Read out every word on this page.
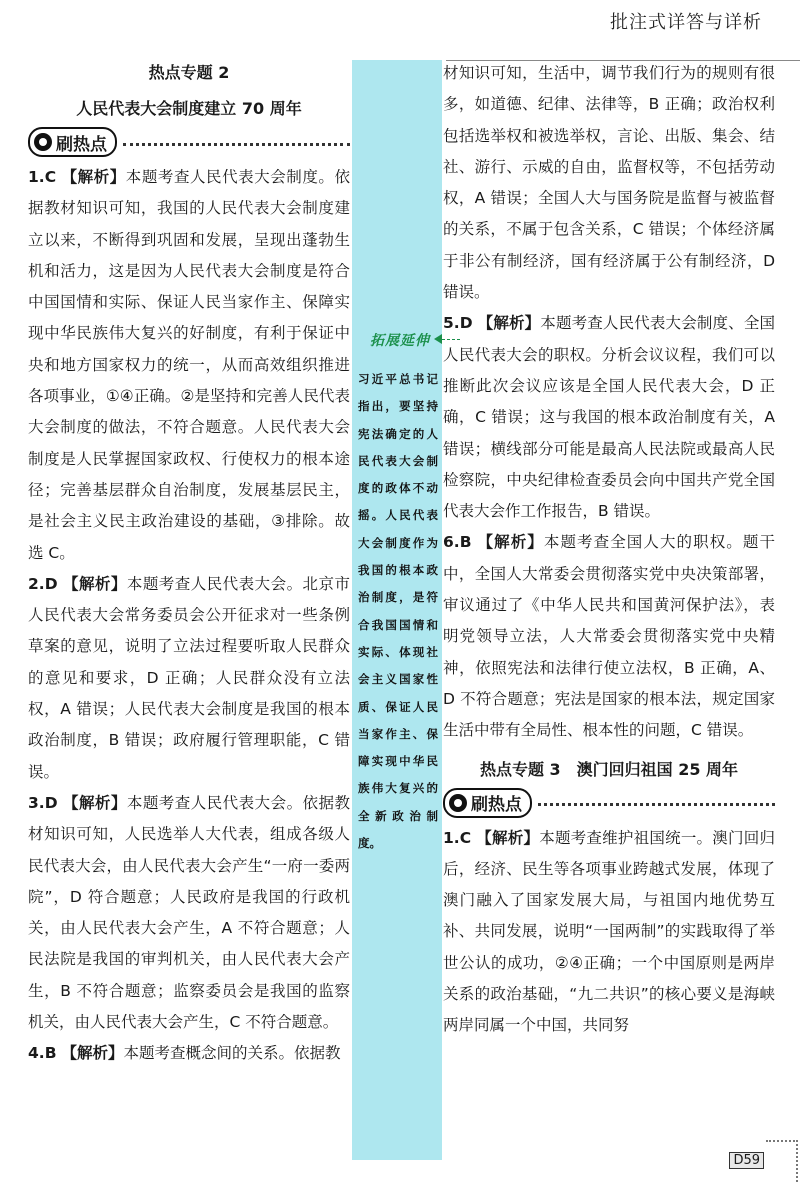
批注式详答与详析
热点专题 2
人民代表大会制度建立 70 周年
刷热点

1.C 【解析】本题考查人民代表大会制度。依据教材知识可知，我国的人民代表大会制度建立以来，不断得到巩固和发展，呈现出蓬勃生机和活力，这是因为人民代表大会制度是符合中国国情和实际、保证人民当家作主、保障实现中华民族伟大复兴的好制度，有利于保证中央和地方国家权力的统一，从而高效组织推进各项事业，①④正确。②是坚持和完善人民代表大会制度的做法，不符合题意。人民代表大会制度是人民掌握国家政权、行使权力的根本途径；完善基层群众自治制度，发展基层民主，是社会主义民主政治建设的基础，③排除。故选 C。

2.D 【解析】本题考查人民代表大会。北京市人民代表大会常务委员会公开征求对一些条例草案的意见，说明了立法过程要听取人民群众的意见和要求，D 正确；人民群众没有立法权，A 错误；人民代表大会制度是我国的根本政治制度，B 错误；政府履行管理职能，C 错误。

3.D 【解析】本题考查人民代表大会。依据教材知识可知，人民选举人大代表，组成各级人民代表大会，由人民代表大会产生“一府一委两院”，D 符合题意；人民政府是我国的行政机关，由人民代表大会产生，A 不符合题意；人民法院是我国的审判机关，由人民代表大会产生，B 不符合题意；监察委员会是我国的监察机关，由人民代表大会产生，C 不符合题意。

4.B 【解析】本题考查概念间的关系。依据教

拓展延伸
习近平总书记指出，要坚持宪法确定的人民代表大会制度的政体不动摇。人民代表大会制度作为我国的根本政治制度，是符合我国国情和实际、体现社会主义国家性质、保证人民当家作主、保障实现中华民族伟大复兴的全新政治制度。

材知识可知，生活中，调节我们行为的规则有很多，如道德、纪律、法律等，B 正确；政治权利包括选举权和被选举权，言论、出版、集会、结社、游行、示威的自由，监督权等，不包括劳动权，A 错误；全国人大与国务院是监督与被监督的关系，不属于包含关系，C 错误；个体经济属于非公有制经济，国有经济属于公有制经济，D 错误。

5.D 【解析】本题考查人民代表大会制度、全国人民代表大会的职权。分析会议议程，我们可以推断此次会议应该是全国人民代表大会，D 正确，C 错误；这与我国的根本政治制度有关，A 错误；横线部分可能是最高人民法院或最高人民检察院，中央纪律检查委员会向中国共产党全国代表大会作工作报告，B 错误。

6.B 【解析】本题考查全国人大的职权。题干中，全国人大常委会贯彻落实党中央决策部署，审议通过了《中华人民共和国黄河保护法》，表明党领导立法，人大常委会贯彻落实党中央精神，依照宪法和法律行使立法权，B 正确，A、D 不符合题意；宪法是国家的根本法，规定国家生活中带有全局性、根本性的问题，C 错误。

热点专题 3　澳门回归祖国 25 周年
刷热点

1.C 【解析】本题考查维护祖国统一。澳门回归后，经济、民生等各项事业跨越式发展，体现了澳门融入了国家发展大局，与祖国内地优势互补、共同发展，说明“一国两制”的实践取得了举世公认的成功，②④正确；一个中国原则是两岸关系的政治基础，“九二共识”的核心要义是海峡两岸同属一个中国，共同努

D59
